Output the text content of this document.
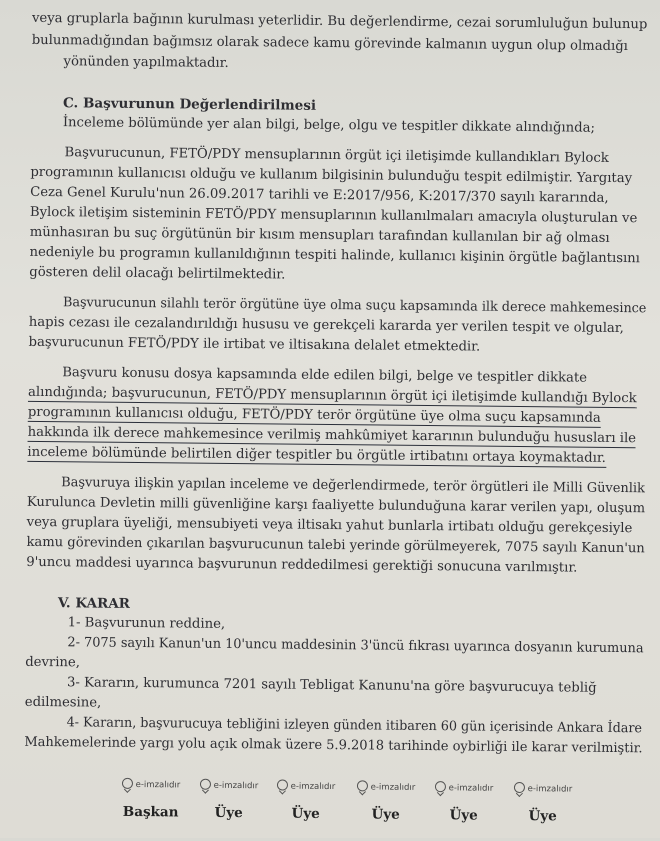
veya gruplarla bağının kurulması yeterlidir. Bu değerlendirme, cezai sorumluluğun bulunup
bulunmadığından bağımsız olarak sadece kamu görevinde kalmanın uygun olup olmadığı
yönünden yapılmaktadır.
C. Başvurunun Değerlendirilmesi
İnceleme bölümünde yer alan bilgi, belge, olgu ve tespitler dikkate alındığında;
Başvurucunun, FETÖ/PDY mensuplarının örgüt içi iletişimde kullandıkları Bylock
programının kullanıcısı olduğu ve kullanım bilgisinin bulunduğu tespit edilmiştir. Yargıtay
Ceza Genel Kurulu'nun 26.09.2017 tarihli ve E:2017/956, K:2017/370 sayılı kararında,
Bylock iletişim sisteminin FETÖ/PDY mensuplarının kullanılmaları amacıyla oluşturulan ve
münhasıran bu suç örgütünün bir kısım mensupları tarafından kullanılan bir ağ olması
nedeniyle bu programın kullanıldığının tespiti halinde, kullanıcı kişinin örgütle bağlantısını
gösteren delil olacağı belirtilmektedir.
Başvurucunun silahlı terör örgütüne üye olma suçu kapsamında ilk derece mahkemesince
hapis cezası ile cezalandırıldığı hususu ve gerekçeli kararda yer verilen tespit ve olgular,
başvurucunun FETÖ/PDY ile irtibat ve iltisakına delalet etmektedir.
Başvuru konusu dosya kapsamında elde edilen bilgi, belge ve tespitler dikkate
alındığında; başvurucunun, FETÖ/PDY mensuplarının örgüt içi iletişimde kullandığı Bylock
programının kullanıcısı olduğu, FETÖ/PDY terör örgütüne üye olma suçu kapsamında
hakkında ilk derece mahkemesince verilmiş mahkûmiyet kararının bulunduğu hususları ile
inceleme bölümünde belirtilen diğer tespitler bu örgütle irtibatını ortaya koymaktadır.
Başvuruya ilişkin yapılan inceleme ve değerlendirmede, terör örgütleri ile Milli Güvenlik
Kurulunca Devletin milli güvenliğine karşı faaliyette bulunduğuna karar verilen yapı, oluşum
veya gruplara üyeliği, mensubiyeti veya iltisakı yahut bunlarla irtibatı olduğu gerekçesiyle
kamu görevinden çıkarılan başvurucunun talebi yerinde görülmeyerek, 7075 sayılı Kanun'un
9'uncu maddesi uyarınca başvurunun reddedilmesi gerektiği sonucuna varılmıştır.
V. KARAR
1- Başvurunun reddine,
2- 7075 sayılı Kanun'un 10'uncu maddesinin 3'üncü fıkrası uyarınca dosyanın kurumuna
devrine,
3- Kararın, kurumunca 7201 sayılı Tebligat Kanunu'na göre başvurucuya tebliğ
edilmesine,
4- Kararın, başvurucuya tebliğini izleyen günden itibaren 60 gün içerisinde Ankara İdare
Mahkemelerinde yargı yolu açık olmak üzere 5.9.2018 tarihinde oybirliği ile karar verilmiştir.
e-imzalıdır
Başkan
e-imzalıdır
Üye
e-imzalıdır
Üye
e-imzalıdır
Üye
e-imzalıdır
Üye
e-imzalıdır
Üye
